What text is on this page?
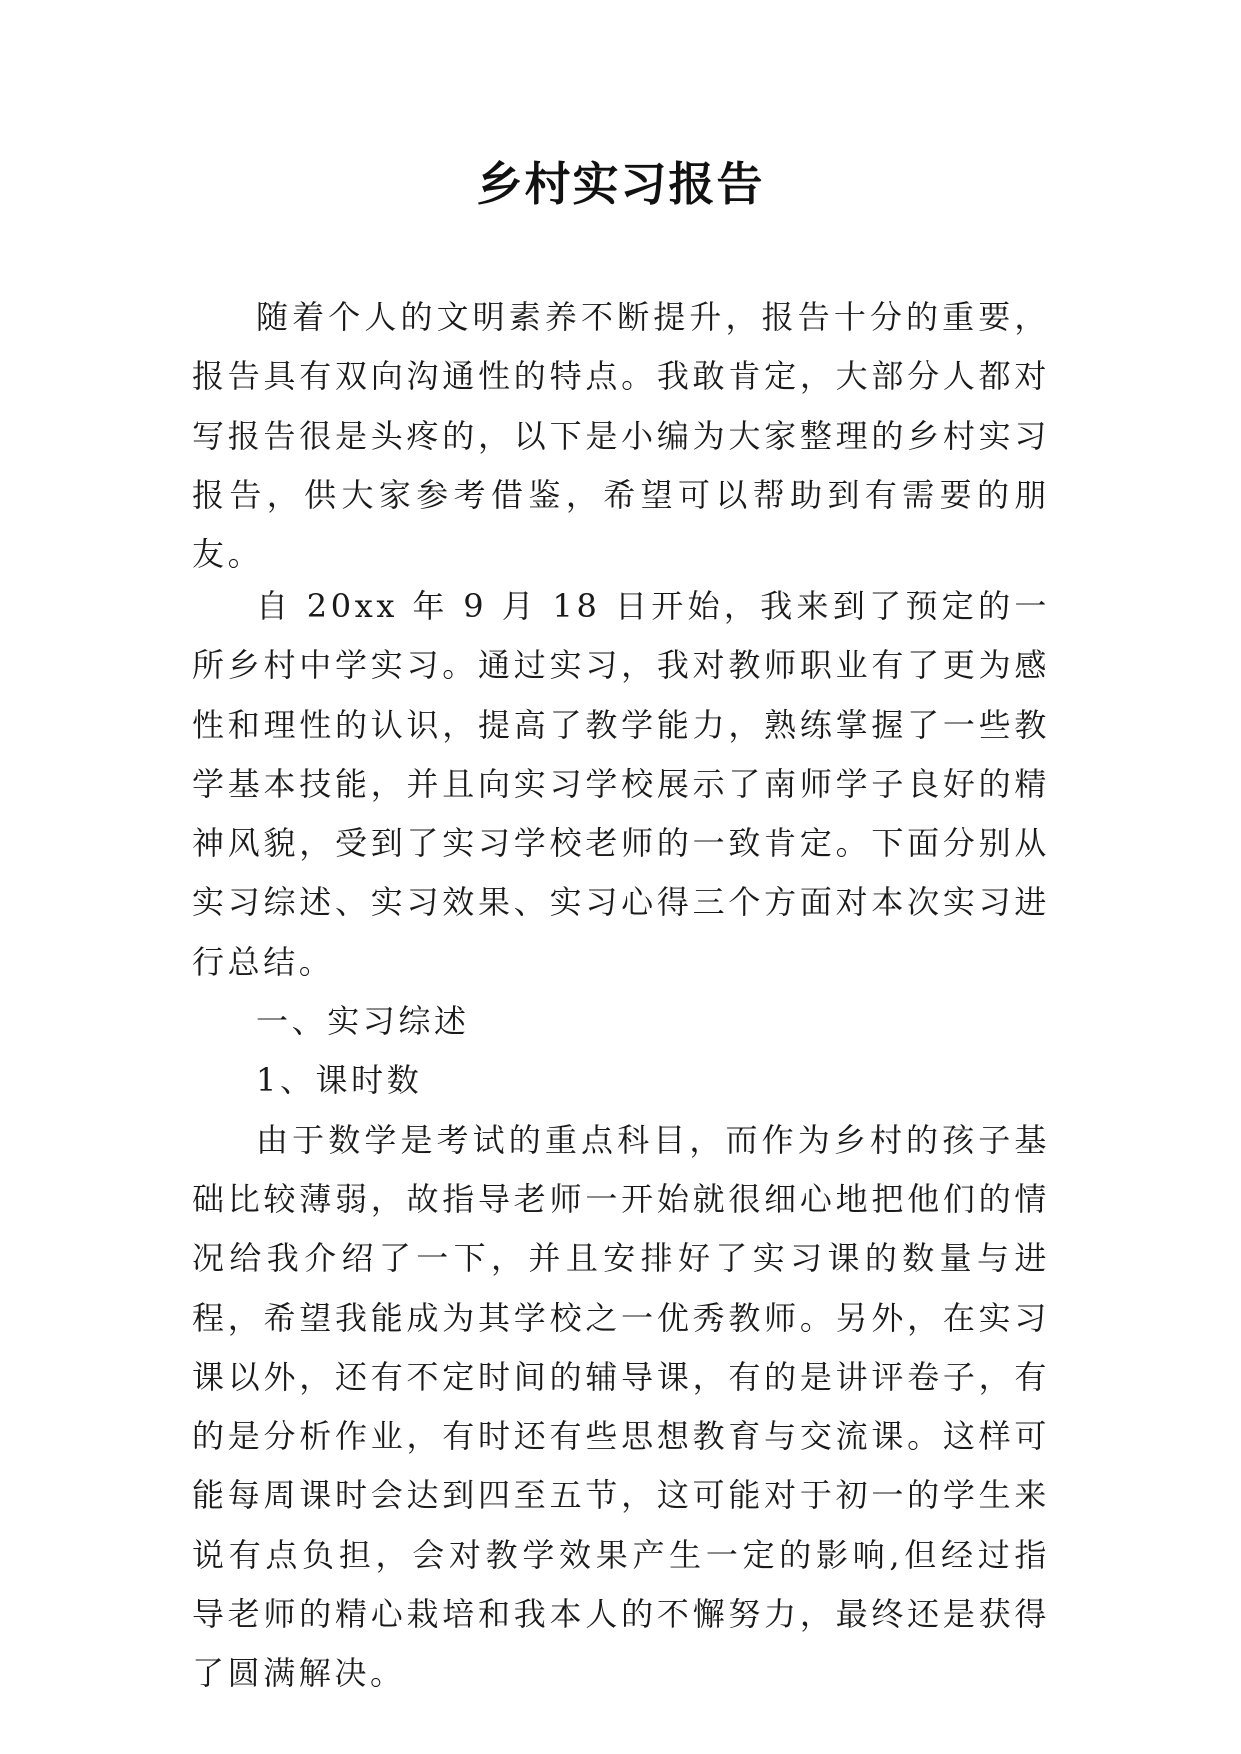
乡村实习报告

随着个人的文明素养不断提升，报告十分的重要，报告具有双向沟通性的特点。我敢肯定，大部分人都对写报告很是头疼的，以下是小编为大家整理的乡村实习报告，供大家参考借鉴，希望可以帮助到有需要的朋友。

自 20xx 年 9 月 18 日开始，我来到了预定的一所乡村中学实习。通过实习，我对教师职业有了更为感性和理性的认识，提高了教学能力，熟练掌握了一些教学基本技能，并且向实习学校展示了南师学子良好的精神风貌，受到了实习学校老师的一致肯定。下面分别从实习综述、实习效果、实习心得三个方面对本次实习进行总结。

一、实习综述

1、课时数

由于数学是考试的重点科目，而作为乡村的孩子基础比较薄弱，故指导老师一开始就很细心地把他们的情况给我介绍了一下，并且安排好了实习课的数量与进程，希望我能成为其学校之一优秀教师。另外，在实习课以外，还有不定时间的辅导课，有的是讲评卷子，有的是分析作业，有时还有些思想教育与交流课。这样可能每周课时会达到四至五节，这可能对于初一的学生来说有点负担，会对教学效果产生一定的影响,但经过指导老师的精心栽培和我本人的不懈努力，最终还是获得了圆满解决。
